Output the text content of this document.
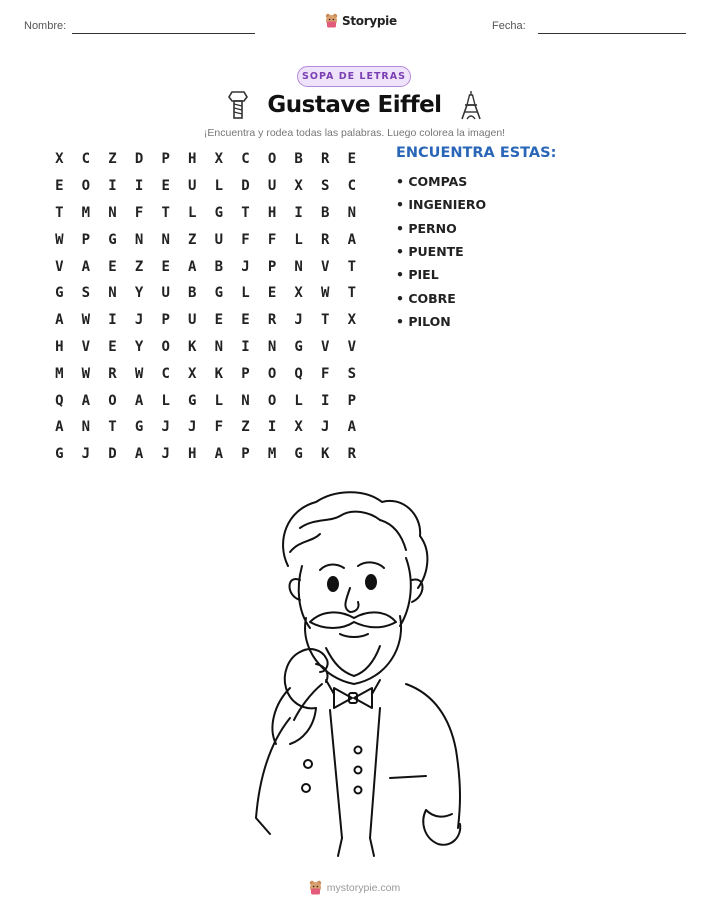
Nombre:	Storypie	Fecha:
SOPA DE LETRAS
Gustave Eiffel
¡Encuentra y rodea todas las palabras. Luego colorea la imagen!
X	C	Z	D	P	H	X	C	O	B	R	E
E	O	I	I	E	U	L	D	U	X	S	C
T	M	N	F	T	L	G	T	H	I	B	N
W	P	G	N	N	Z	U	F	F	L	R	A
V	A	E	Z	E	A	B	J	P	N	V	T
G	S	N	Y	U	B	G	L	E	X	W	T
A	W	I	J	P	U	E	E	R	J	T	X
H	V	E	Y	O	K	N	I	N	G	V	V
M	W	R	W	C	X	K	P	O	Q	F	S
Q	A	O	A	L	G	L	N	O	L	I	P
A	N	T	G	J	J	F	Z	I	X	J	A
G	J	D	A	J	H	A	P	M	G	K	R
ENCUENTRA ESTAS:
• COMPAS
• INGENIERO
• PERNO
• PUENTE
• PIEL
• COBRE
• PILON
mystorypie.com
